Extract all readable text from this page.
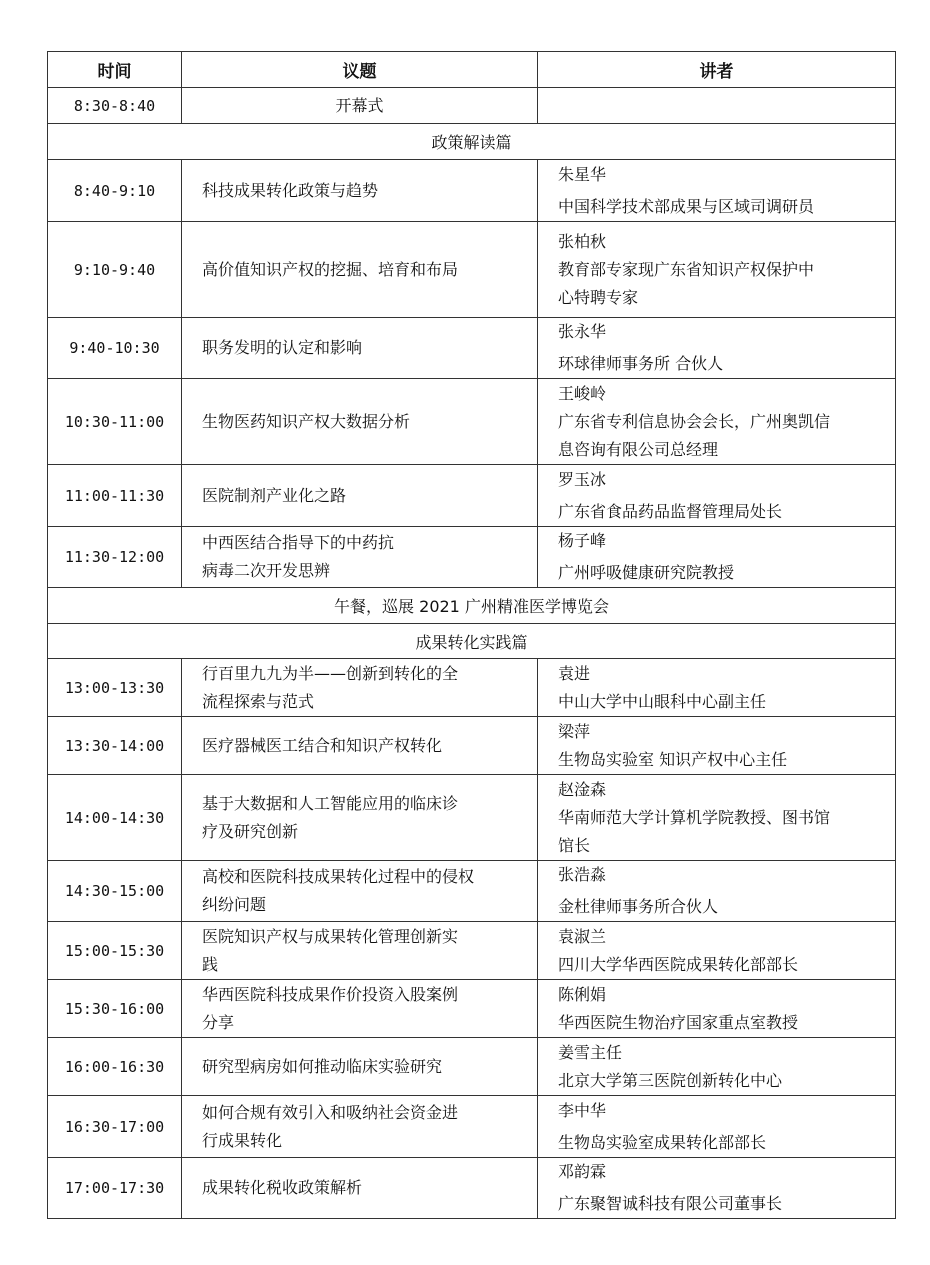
时间	议题	讲者
8:30-8:40	开幕式	

政策解读篇		
8:40-9:10	科技成果转化政策与趋势	朱星华
中国科学技术部成果与区域司调研员

9:10-9:40	高价值知识产权的挖掘、培育和布局	张柏秋
教育部专家现广东省知识产权保护中
心特聘专家

9:40-10:30	职务发明的认定和影响	张永华
环球律师事务所 合伙人

10:30-11:00	生物医药知识产权大数据分析	王峻岭
广东省专利信息协会会长，广州奥凯信
息咨询有限公司总经理

11:00-11:30	医院制剂产业化之路	罗玉冰
广东省食品药品监督管理局处长

11:30-12:00	中西医结合指导下的中药抗
病毒二次开发思辨	杨子峰
广州呼吸健康研究院教授

午餐，巡展 2021 广州精准医学博览会		
成果转化实践篇		
13:00-13:30	行百里九九为半——创新到转化的全
流程探索与范式	袁进
中山大学中山眼科中心副主任

13:30-14:00	医疗器械医工结合和知识产权转化	梁萍
生物岛实验室 知识产权中心主任

14:00-14:30	基于大数据和人工智能应用的临床诊
疗及研究创新	赵淦森
华南师范大学计算机学院教授、图书馆
馆长

14:30-15:00	高校和医院科技成果转化过程中的侵权
纠纷问题	张浩淼
金杜律师事务所合伙人

15:00-15:30	医院知识产权与成果转化管理创新实
践	袁淑兰
四川大学华西医院成果转化部部长

15:30-16:00	华西医院科技成果作价投资入股案例
分享	陈俐娟
华西医院生物治疗国家重点室教授

16:00-16:30	研究型病房如何推动临床实验研究	姜雪主任
北京大学第三医院创新转化中心

16:30-17:00	如何合规有效引入和吸纳社会资金进
行成果转化	李中华
生物岛实验室成果转化部部长

17:00-17:30	成果转化税收政策解析	邓韵霖
广东聚智诚科技有限公司董事长
